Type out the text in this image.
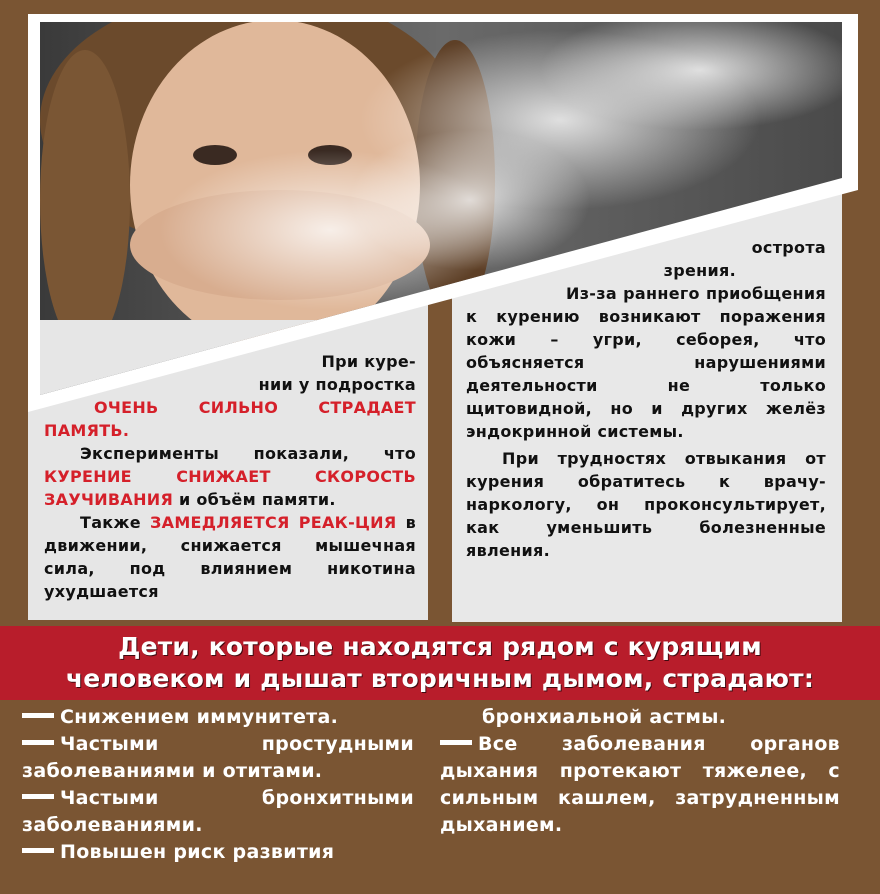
При куре-

нии у подростка

ОЧЕНЬ СИЛЬНО СТРАДАЕТ ПАМЯТЬ.

Эксперименты показали, что КУРЕНИЕ СНИЖАЕТ СКОРОСТЬ ЗАУЧИВАНИЯ и объём памяти.

Также ЗАМЕДЛЯЕТСЯ РЕАК-ЦИЯ в движении, снижается мышечная сила, под влиянием никотина ухудшается

острота

зрения.

Из-за раннего приобщения к курению возникают поражения кожи – угри, себорея, что объясняется нарушениями деятельности не только щитовидной, но и других желёз эндокринной системы.

При трудностях отвыкания от курения обратитесь к врачу-наркологу, он проконсультирует, как уменьшить болезненные явления.

Дети, которые находятся рядом с курящим
человеком и дышат вторичным дымом, страдают:

Снижением иммунитета.

Частыми простудными заболеваниями и отитами.

Частыми бронхитными заболеваниями.

Повышен риск развития

бронхиальной астмы.

Все заболевания органов дыхания протекают тяжелее, с сильным кашлем, затрудненным дыханием.
